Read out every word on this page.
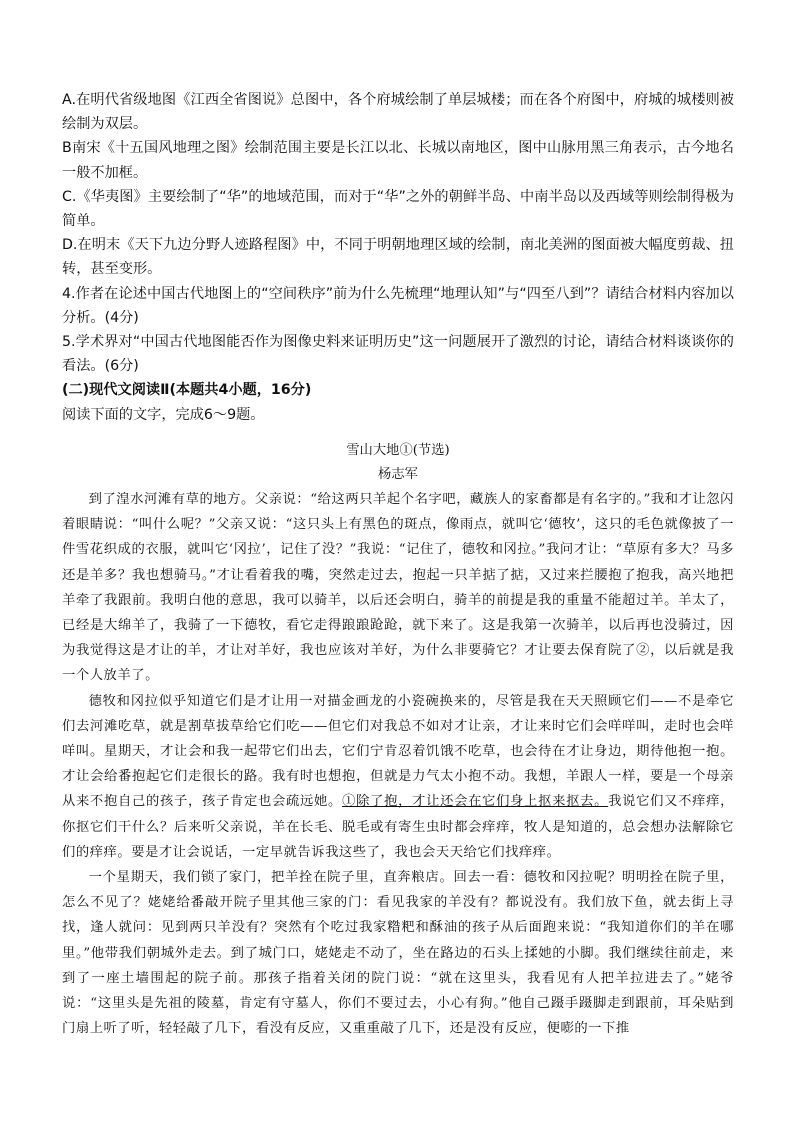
A.在明代省级地图《江西全省图说》总图中，各个府城绘制了单层城楼；而在各个府图中，府城的城楼则被绘制为双层。

B南宋《十五国风地理之图》绘制范围主要是长江以北、长城以南地区，图中山脉用黑三角表示，古今地名一般不加框。

C.《华夷图》主要绘制了“华”的地域范围，而对于“华”之外的朝鲜半岛、中南半岛以及西域等则绘制得极为简单。

D.在明末《天下九边分野人迹路程图》中，不同于明朝地理区域的绘制，南北美洲的图面被大幅度剪裁、扭转，甚至变形。

4.作者在论述中国古代地图上的“空间秩序”前为什么先梳理“地理认知”与“四至八到”？请结合材料内容加以分析。(4分)

5.学术界对“中国古代地图能否作为图像史料来证明历史”这一问题展开了激烈的讨论，请结合材料谈谈你的看法。(6分)

(二)现代文阅读Ⅱ(本题共4小题，16分)

阅读下面的文字，完成6～9题。

雪山大地①(节选)

杨志军

到了湟水河滩有草的地方。父亲说：“给这两只羊起个名字吧，藏族人的家畜都是有名字的。”我和才让忽闪着眼睛说：“叫什么呢？”父亲又说：“这只头上有黑色的斑点，像雨点，就叫它‘德牧’，这只的毛色就像披了一件雪花织成的衣服，就叫它‘冈拉’，记住了没？”我说：“记住了，德牧和冈拉。”我问才让：“草原有多大？马多还是羊多？我也想骑马。”才让看着我的嘴，突然走过去，抱起一只羊掂了掂，又过来拦腰抱了抱我，高兴地把羊牵了我跟前。我明白他的意思，我可以骑羊，以后还会明白，骑羊的前提是我的重量不能超过羊。羊太了，已经是大绵羊了，我骑了一下德牧，看它走得踉踉跄跄，就下来了。这是我第一次骑羊，以后再也没骑过，因为我觉得这是才让的羊，才让对羊好，我也应该对羊好，为什么非要骑它？才让要去保育院了②，以后就是我一个人放羊了。

德牧和冈拉似乎知道它们是才让用一对描金画龙的小瓷碗换来的，尽管是我在天天照顾它们——不是牵它们去河滩吃草，就是割草拔草给它们吃——但它们对我总不如对才让亲，才让来时它们会咩咩叫，走时也会咩咩叫。星期天，才让会和我一起带它们出去，它们宁肯忍着饥饿不吃草，也会待在才让身边，期待他抱一抱。才让会给番抱起它们走很长的路。我有时也想抱，但就是力气太小抱不动。我想，羊跟人一样，要是一个母亲从来不抱自己的孩子，孩子肯定也会疏远她。①除了抱，才让还会在它们身上抠来抠去。我说它们又不痒痒，你抠它们干什么？后来听父亲说，羊在长毛、脱毛或有寄生虫时都会痒痒，牧人是知道的，总会想办法解除它们的痒痒。要是才让会说话，一定早就告诉我这些了，我也会天天给它们找痒痒。

一个星期天，我们锁了家门，把羊拴在院子里，直奔粮店。回去一看：德牧和冈拉呢？明明拴在院子里，怎么不见了？姥姥给番敲开院子里其他三家的门：看见我家的羊没有？都说没有。我们放下鱼，就去街上寻找，逢人就问：见到两只羊没有？突然有个吃过我家糌粑和酥油的孩子从后面跑来说：“我知道你们的羊在哪里。”他带我们朝城外走去。到了城门口，姥姥走不动了，坐在路边的石头上揉她的小脚。我们继续往前走，来到了一座土墙围起的院子前。那孩子指着关闭的院门说：“就在这里头，我看见有人把羊拉进去了。”姥爷说：“这里头是先祖的陵墓，肯定有守墓人，你们不要过去，小心有狗。”他自己蹑手蹑脚走到跟前，耳朵贴到门扇上听了听，轻轻敲了几下，看没有反应，又重重敲了几下，还是没有反应，便嘭的一下推
